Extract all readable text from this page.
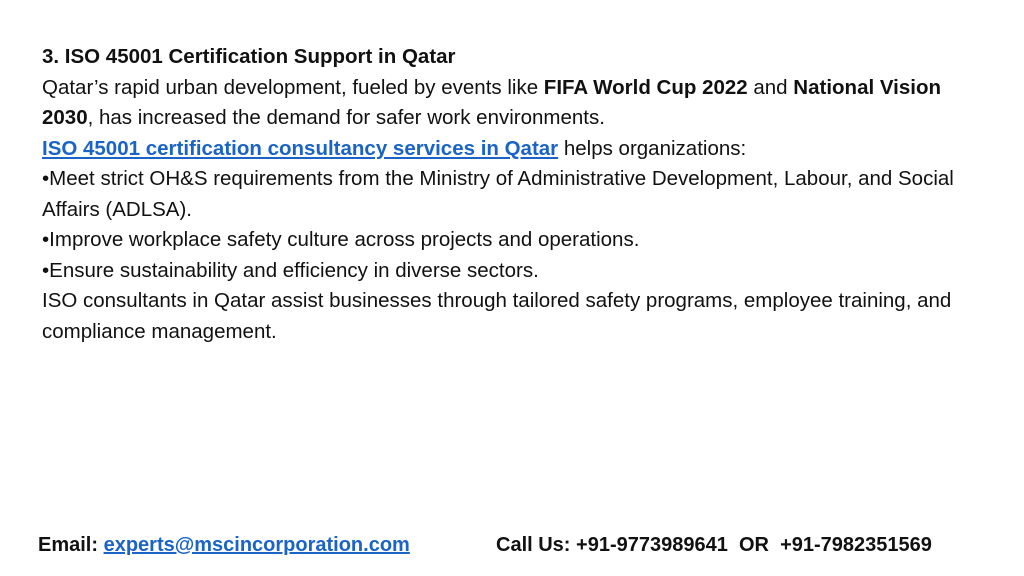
3. ISO 45001 Certification Support in Qatar

Qatar’s rapid urban development, fueled by events like FIFA World Cup 2022 and National Vision 2030, has increased the demand for safer work environments.

ISO 45001 certification consultancy services in Qatar helps organizations:

•Meet strict OH&S requirements from the Ministry of Administrative Development, Labour, and Social Affairs (ADLSA).

•Improve workplace safety culture across projects and operations.

•Ensure sustainability and efficiency in diverse sectors.

ISO consultants in Qatar assist businesses through tailored safety programs, employee training, and compliance management.

Email: experts@mscincorporation.com	Call Us: +91-9773989641  OR  +91-7982351569
